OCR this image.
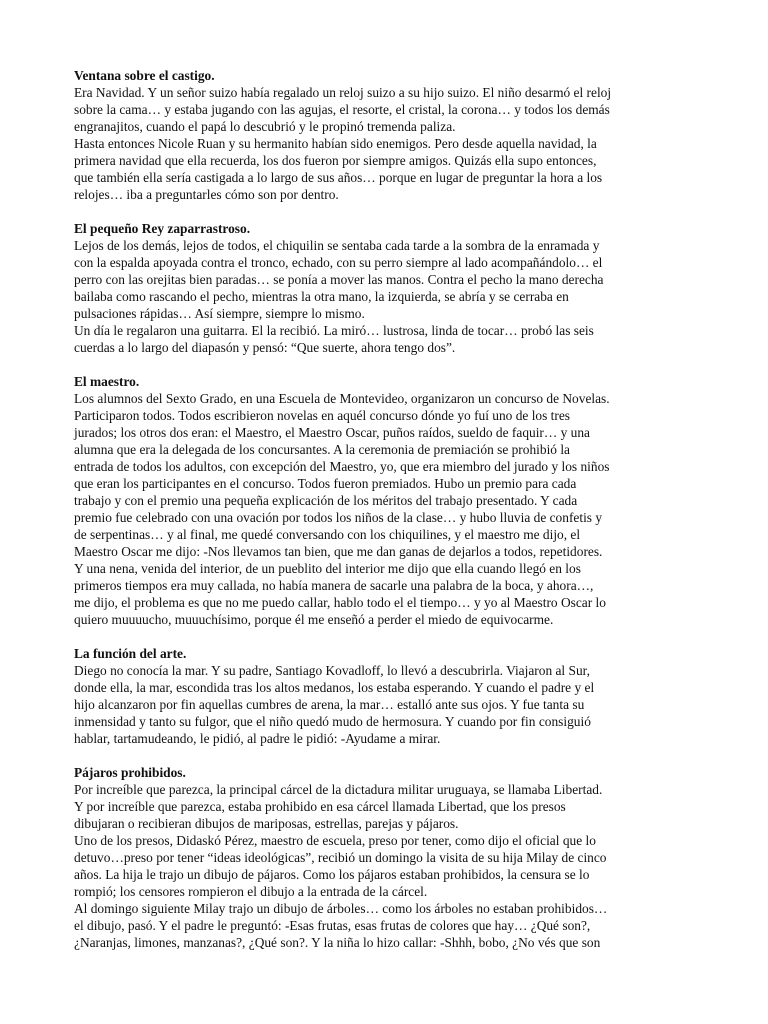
Ventana sobre el castigo.
Era Navidad. Y un señor suizo había regalado un reloj suizo a su hijo suizo. El niño desarmó el reloj
sobre la cama… y estaba jugando con las agujas, el resorte, el cristal, la corona… y todos los demás
engranajitos, cuando el papá lo descubrió y le propinó tremenda paliza.
Hasta entonces Nicole Ruan y su hermanito habían sido enemigos. Pero desde aquella navidad, la
primera navidad que ella recuerda, los dos fueron por siempre amigos. Quizás ella supo entonces,
que también ella sería castigada a lo largo de sus años… porque en lugar de preguntar la hora a los
relojes… iba a preguntarles cómo son por dentro.
El pequeño Rey zaparrastroso.
Lejos de los demás, lejos de todos, el chiquilin se sentaba cada tarde a la sombra de la enramada y
con la espalda apoyada contra el tronco, echado, con su perro siempre al lado acompañándolo… el
perro con las orejitas bien paradas… se ponía a mover las manos. Contra el pecho la mano derecha
bailaba como rascando el pecho, mientras la otra mano, la izquierda, se abría y se cerraba en
pulsaciones rápidas… Así siempre, siempre lo mismo.
Un día le regalaron una guitarra. El la recibió. La miró… lustrosa, linda de tocar… probó las seis
cuerdas a lo largo del diapasón y pensó: “Que suerte, ahora tengo dos”.
El maestro.
Los alumnos del Sexto Grado, en una Escuela de Montevideo, organizaron un concurso de Novelas.
Participaron todos. Todos escribieron novelas en aquél concurso dónde yo fuí uno de los tres
jurados; los otros dos eran: el Maestro, el Maestro Oscar, puños raídos, sueldo de faquir… y una
alumna que era la delegada de los concursantes. A la ceremonia de premiación se prohibió la
entrada de todos los adultos, con excepción del Maestro, yo, que era miembro del jurado y los niños
que eran los participantes en el concurso. Todos fueron premiados. Hubo un premio para cada
trabajo y con el premio una pequeña explicación de los méritos del trabajo presentado. Y cada
premio fue celebrado con una ovación por todos los niños de la clase… y hubo lluvia de confetis y
de serpentinas… y al final, me quedé conversando con los chiquilines, y el maestro me dijo, el
Maestro Oscar me dijo: -Nos llevamos tan bien, que me dan ganas de dejarlos a todos, repetidores.
Y una nena, venida del interior, de un pueblito del interior me dijo que ella cuando llegó en los
primeros tiempos era muy callada, no había manera de sacarle una palabra de la boca, y ahora…,
me dijo, el problema es que no me puedo callar, hablo todo el el tiempo… y yo al Maestro Oscar lo
quiero muuuucho, muuuchísimo, porque él me enseñó a perder el miedo de equivocarme.
La función del arte.
Diego no conocía la mar. Y su padre, Santiago Kovadloff, lo llevó a descubrirla. Viajaron al Sur,
donde ella, la mar, escondida tras los altos medanos, los estaba esperando. Y cuando el padre y el
hijo alcanzaron por fin aquellas cumbres de arena, la mar… estalló ante sus ojos. Y fue tanta su
inmensidad y tanto su fulgor, que el niño quedó mudo de hermosura. Y cuando por fin consiguió
hablar, tartamudeando, le pidió, al padre le pidió: -Ayudame a mirar.
Pájaros prohibidos.
Por increíble que parezca, la principal cárcel de la dictadura militar uruguaya, se llamaba Libertad.
Y por increíble que parezca, estaba prohibido en esa cárcel llamada Libertad, que los presos
dibujaran o recibieran dibujos de mariposas, estrellas, parejas y pájaros.
Uno de los presos, Didaskó Pérez, maestro de escuela, preso por tener, como dijo el oficial que lo
detuvo…preso por tener “ideas ideológicas”, recibió un domingo la visita de su hija Milay de cinco
años. La hija le trajo un dibujo de pájaros. Como los pájaros estaban prohibidos, la censura se lo
rompió; los censores rompieron el dibujo a la entrada de la cárcel.
Al domingo siguiente Milay trajo un dibujo de árboles… como los árboles no estaban prohibidos…
el dibujo, pasó. Y el padre le preguntó: -Esas frutas, esas frutas de colores que hay… ¿Qué son?,
¿Naranjas, limones, manzanas?, ¿Qué son?. Y la niña lo hizo callar: -Shhh, bobo, ¿No vés que son
